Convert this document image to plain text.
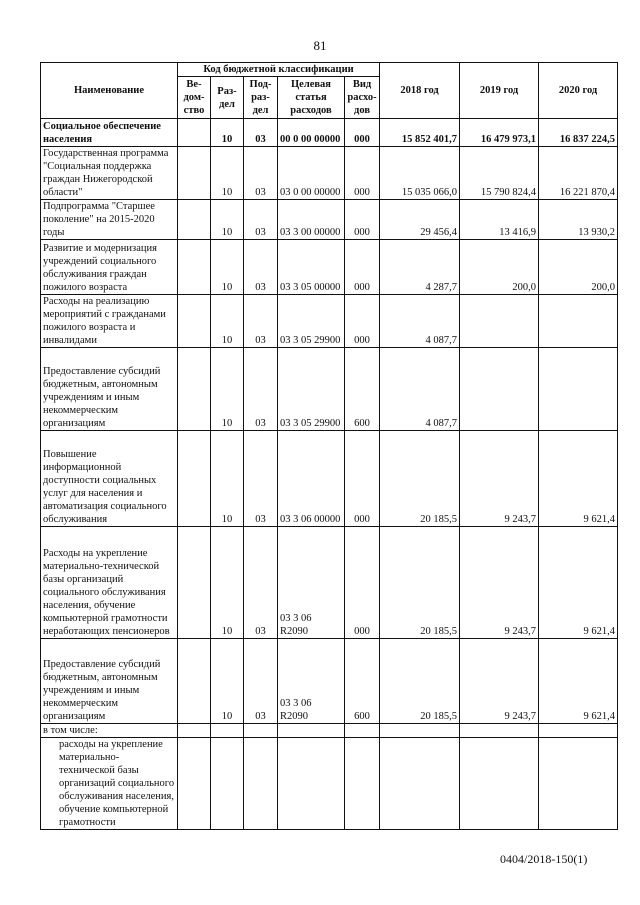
81
Наименование	Код бюджетной классификации					2018 год	2019 год	2020 год
	Ве-дом-ство	Раз-дел	Под-раз-дел	Целевая статья расходов	Вид расхо-дов			
Социальное обеспечение населения		10	03	00 0 00 00000	000	15 852 401,7	16 479 973,1	16 837 224,5
Государственная программа "Социальная поддержка граждан Нижегородской области"		10	03	03 0 00 00000	000	15 035 066,0	15 790 824,4	16 221 870,4
Подпрограмма "Старшее поколение" на 2015-2020 годы		10	03	03 3 00 00000	000	29 456,4	13 416,9	13 930,2
Развитие и модернизация учреждений социального обслуживания граждан пожилого возраста		10	03	03 3 05 00000	000	4 287,7	200,0	200,0
Расходы на реализацию мероприятий с гражданами пожилого возраста и инвалидами		10	03	03 3 05 29900	000	4 087,7		
Предоставление субсидий бюджетным, автономным учреждениям и иным некоммерческим организациям		10	03	03 3 05 29900	600	4 087,7		
Повышение информационной доступности социальных услуг для населения и автоматизация социального обслуживания		10	03	03 3 06 00000	000	20 185,5	9 243,7	9 621,4
Расходы на укрепление материально-технической базы организаций социального обслуживания населения, обучение компьютерной грамотности неработающих пенсионеров		10	03	03 3 06 R2090	000	20 185,5	9 243,7	9 621,4
Предоставление субсидий бюджетным, автономным учреждениям и иным некоммерческим организациям		10	03	03 3 06 R2090	600	20 185,5	9 243,7	9 621,4
в том числе:								
расходы на укрепление материально-технической базы организаций социального обслуживания населения, обучение компьютерной грамотности								
0404/2018-150(1)
